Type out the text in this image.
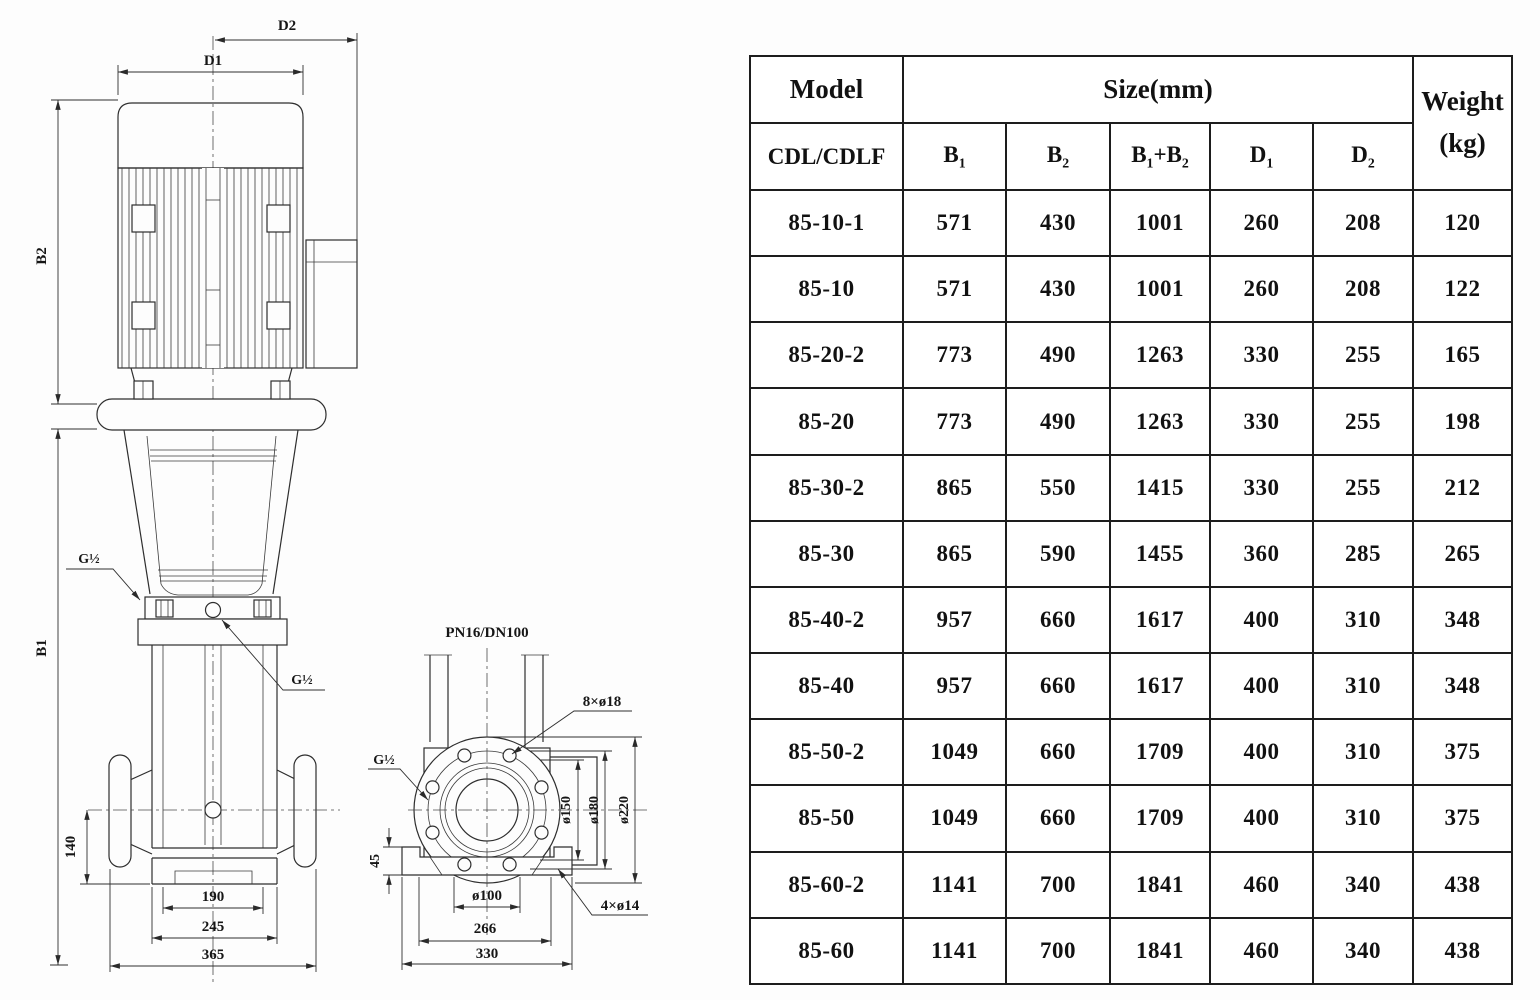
D2
D1
B2
B1
G½
G½
140
190
245
365
PN16/DN100
8×ø18
G½
ø150 ø180 ø220
45
ø100
266
330
4×ø14
Model	Size(mm)					Weight
(kg)

CDL/CDLF	$B_1$	$B_2$	$B_1+B_2$	$D_1$	$D_2$
85-10-1	571	430	1001	260	208	120
85-10	571	430	1001	260	208	122
85-20-2	773	490	1263	330	255	165
85-20	773	490	1263	330	255	198
85-30-2	865	550	1415	330	255	212
85-30	865	590	1455	360	285	265
85-40-2	957	660	1617	400	310	348
85-40	957	660	1617	400	310	348
85-50-2	1049	660	1709	400	310	375
85-50	1049	660	1709	400	310	375
85-60-2	1141	700	1841	460	340	438
85-60	1141	700	1841	460	340	438
